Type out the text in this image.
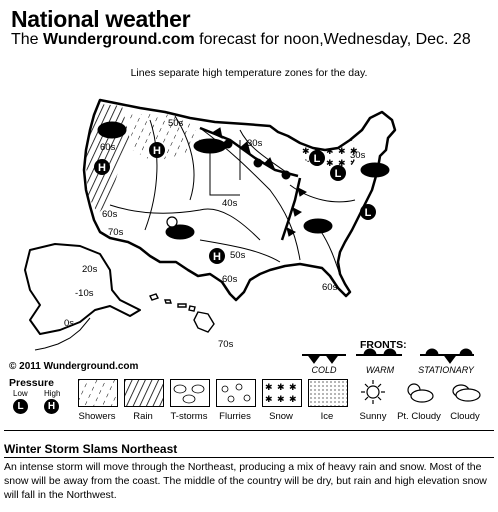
National weather
The Wunderground.com forecast for noon,Wednesday, Dec. 28
Lines separate high temperature zones for the day.
50s
60s	30s
30s
40s
60s
70s
50s
60s
60s
20s
-10s
0s
70s
H
H
H
L
L
L
© 2011 Wunderground.com
FRONTS:
COLD	WARM	STATIONARY
Pressure
Low High
L	H
Showers	Rain	T-storms	Flurries	Snow	Ice	Sunny	Pt. Cloudy Cloudy
Winter Storm Slams Northeast
An intense storm will move through the Northeast, producing a mix of heavy rain and snow. Most of the snow will be away from the coast. The middle of the country will be dry, but rain and high elevation snow will fall in the Northwest.
